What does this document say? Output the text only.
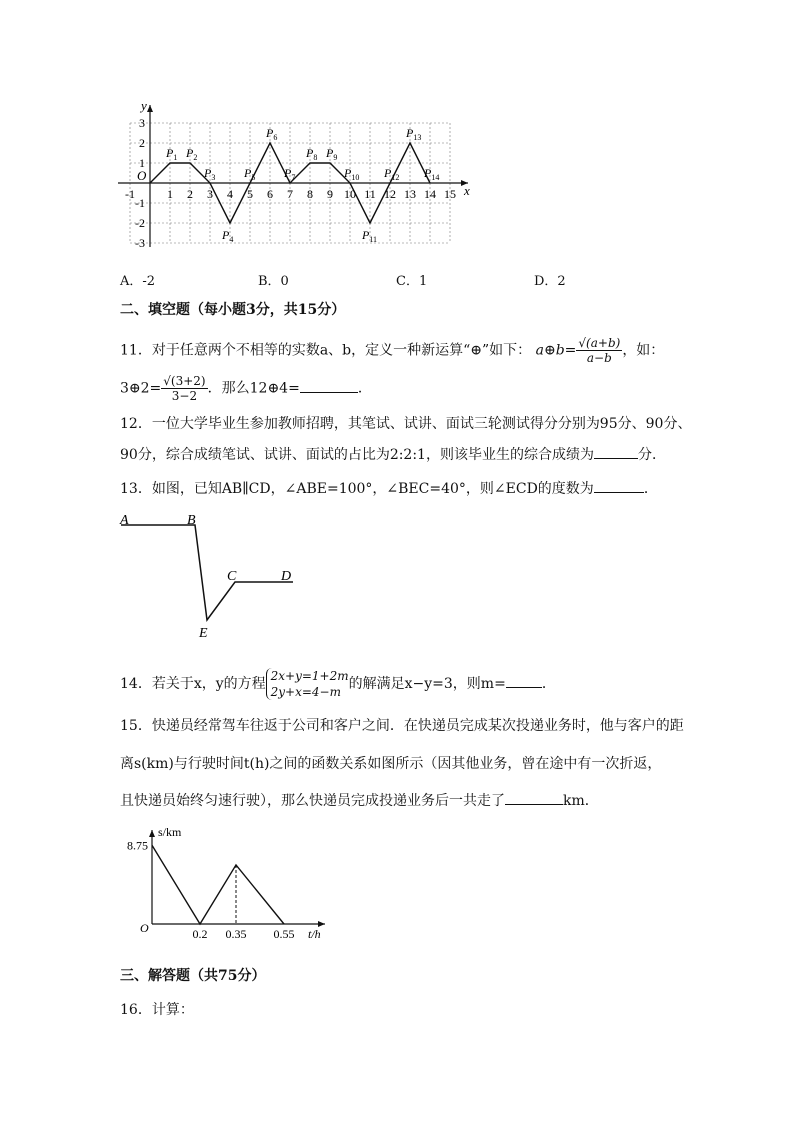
y
x
O
-1	1 2 3 4 5 6 7 8 9 10 11 12 13 14 15
3
2
1
-1
-2
-3
$P_1$ $P_2$
$P_3$
$P_4$
$P_5$
$P_6$
$P_7$
$P_8$ $P_9$
$P_{10}$
$P_{11}$
$P_{12}$
$P_{13}$
$P_{14}$
A．-2	B．0	C．1	D．2
二、填空题（每小题3分，共15分）
11．对于任意两个不相等的实数a、b，定义一种新运算“⊕”如下： a⊕b= $\frac{√(a+b)}{a-b}$ ，如：
3⊕2= $\frac{√(3+2)}{3-2}$ ．那么12⊕4=	．
12．一位大学毕业生参加教师招聘，其笔试、试讲、面试三轮测试得分分别为95分、90分、
90分，综合成绩笔试、试讲、面试的占比为2:2:1，则该毕业生的综合成绩为	分．
13．如图，已知AB∥CD，∠ABE=100°，∠BEC=40°，则∠ECD的度数为	．
A	B
C	D
E
14．若关于x，y的方程 2x+y=1+2m
2y+x=4−m 的解满足x−y=3，则m=	．
15．快递员经常驾车往返于公司和客户之间．在快递员完成某次投递业务时，他与客户的距
离s(km)与行驶时间t(h)之间的函数关系如图所示（因其他业务，曾在途中有一次折返，
且快递员始终匀速行驶），那么快递员完成投递业务后一共走了	km．
s/km
t/h
O
8.75
0.2 0.35 0.55
三、解答题（共75分）
16．计算：
